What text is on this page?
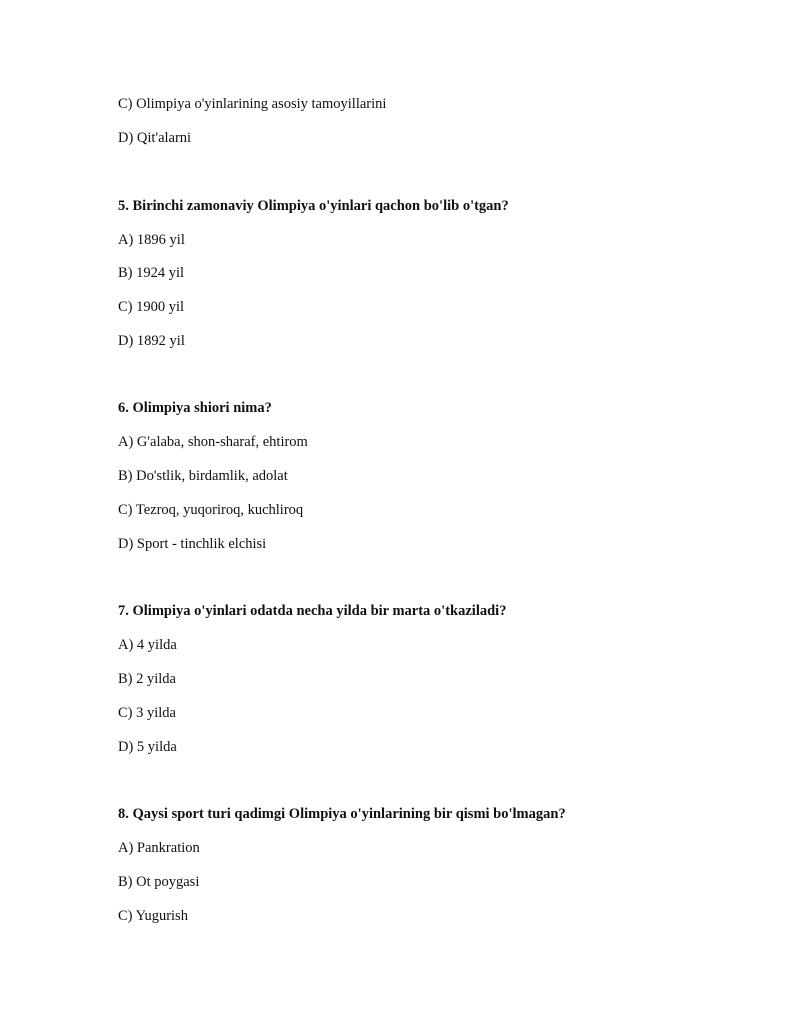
C) Olimpiya o'yinlarining asosiy tamoyillarini
D) Qit'alarni
5. Birinchi zamonaviy Olimpiya o'yinlari qachon bo'lib o'tgan?
A) 1896 yil
B) 1924 yil
C) 1900 yil
D) 1892 yil
6. Olimpiya shiori nima?
A) G'alaba, shon-sharaf, ehtirom
B) Do'stlik, birdamlik, adolat
C) Tezroq, yuqoriroq, kuchliroq
D) Sport - tinchlik elchisi
7. Olimpiya o'yinlari odatda necha yilda bir marta o'tkaziladi?
A) 4 yilda
B) 2 yilda
C) 3 yilda
D) 5 yilda
8. Qaysi sport turi qadimgi Olimpiya o'yinlarining bir qismi bo'lmagan?
A) Pankration
B) Ot poygasi
C) Yugurish
